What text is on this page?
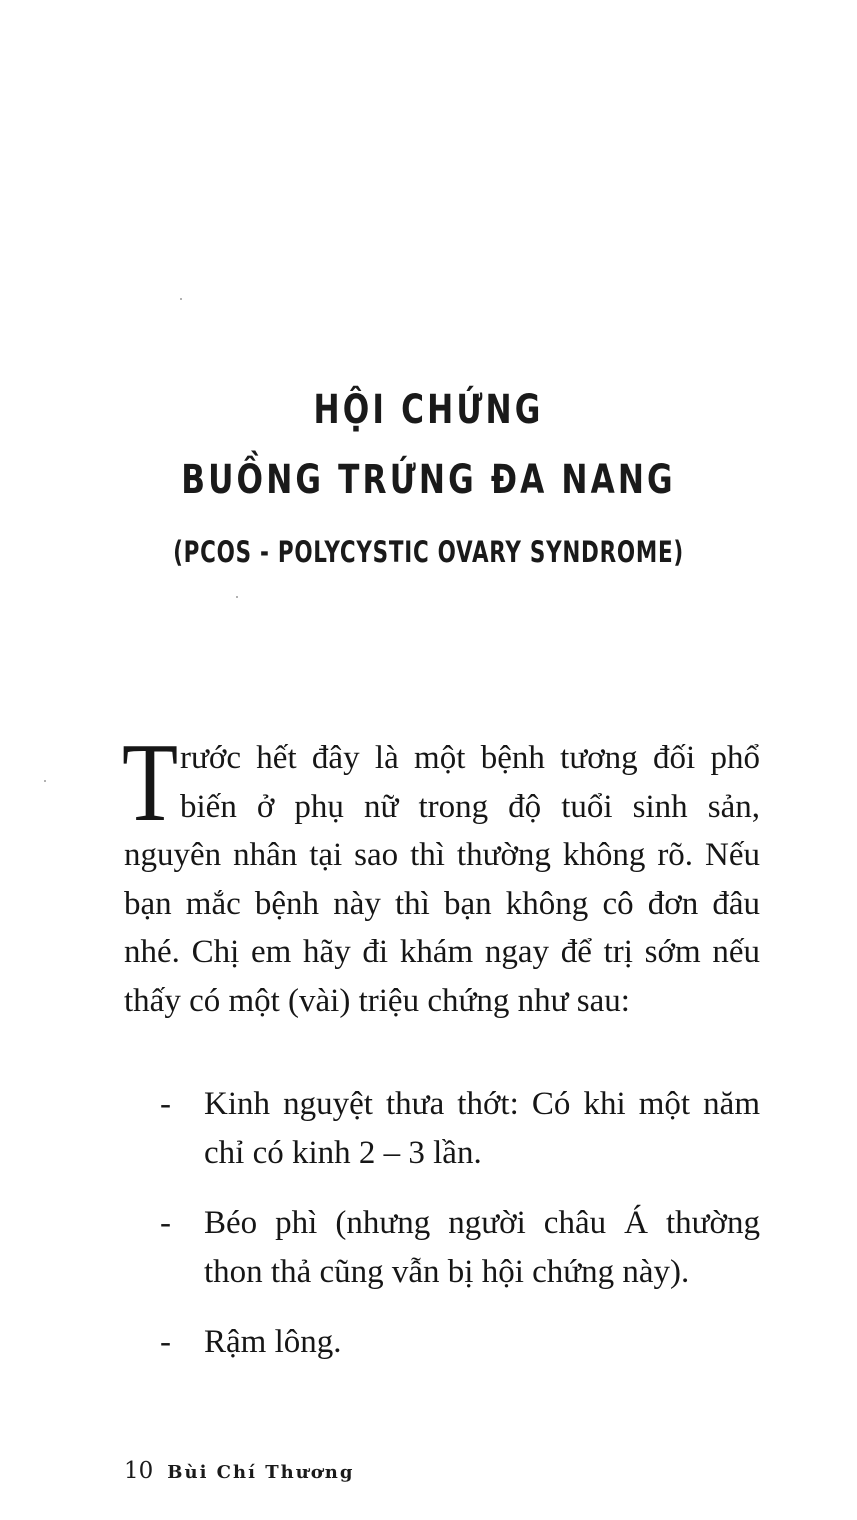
HỘI CHỨNG
BUỒNG TRỨNG ĐA NANG
(PCOS - POLYCYSTIC OVARY SYNDROME)
Trước hết đây là một bệnh tương đối phổ biến ở phụ nữ trong độ tuổi sinh sản, nguyên nhân tại sao thì thường không rõ. Nếu bạn mắc bệnh này thì bạn không cô đơn đâu nhé. Chị em hãy đi khám ngay để trị sớm nếu thấy có một (vài) triệu chứng như sau:
-	Kinh nguyệt thưa thớt: Có khi một năm chỉ có kinh 2 – 3 lần.
-	Béo phì (nhưng người châu Á thường thon thả cũng vẫn bị hội chứng này).
-	Rậm lông.
10 Bùi Chí Thương
